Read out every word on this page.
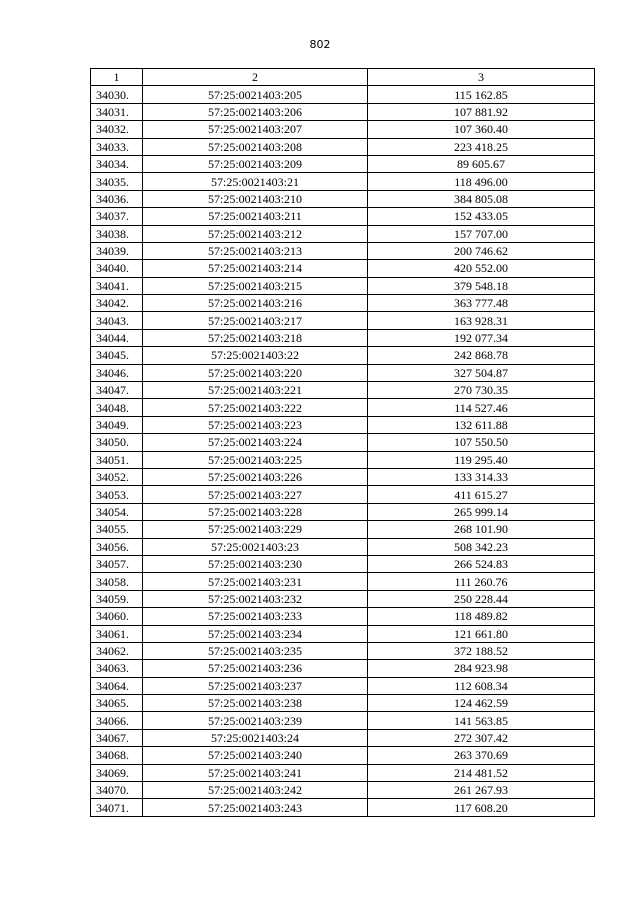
802
1	2	3
34030.	57:25:0021403:205	115 162.85
34031.	57:25:0021403:206	107 881.92
34032.	57:25:0021403:207	107 360.40
34033.	57:25:0021403:208	223 418.25
34034.	57:25:0021403:209	89 605.67
34035.	57:25:0021403:21	118 496.00
34036.	57:25:0021403:210	384 805.08
34037.	57:25:0021403:211	152 433.05
34038.	57:25:0021403:212	157 707.00
34039.	57:25:0021403:213	200 746.62
34040.	57:25:0021403:214	420 552.00
34041.	57:25:0021403:215	379 548.18
34042.	57:25:0021403:216	363 777.48
34043.	57:25:0021403:217	163 928.31
34044.	57:25:0021403:218	192 077.34
34045.	57:25:0021403:22	242 868.78
34046.	57:25:0021403:220	327 504.87
34047.	57:25:0021403:221	270 730.35
34048.	57:25:0021403:222	114 527.46
34049.	57:25:0021403:223	132 611.88
34050.	57:25:0021403:224	107 550.50
34051.	57:25:0021403:225	119 295.40
34052.	57:25:0021403:226	133 314.33
34053.	57:25:0021403:227	411 615.27
34054.	57:25:0021403:228	265 999.14
34055.	57:25:0021403:229	268 101.90
34056.	57:25:0021403:23	508 342.23
34057.	57:25:0021403:230	266 524.83
34058.	57:25:0021403:231	111 260.76
34059.	57:25:0021403:232	250 228.44
34060.	57:25:0021403:233	118 489.82
34061.	57:25:0021403:234	121 661.80
34062.	57:25:0021403:235	372 188.52
34063.	57:25:0021403:236	284 923.98
34064.	57:25:0021403:237	112 608.34
34065.	57:25:0021403:238	124 462.59
34066.	57:25:0021403:239	141 563.85
34067.	57:25:0021403:24	272 307.42
34068.	57:25:0021403:240	263 370.69
34069.	57:25:0021403:241	214 481.52
34070.	57:25:0021403:242	261 267.93
34071.	57:25:0021403:243	117 608.20
